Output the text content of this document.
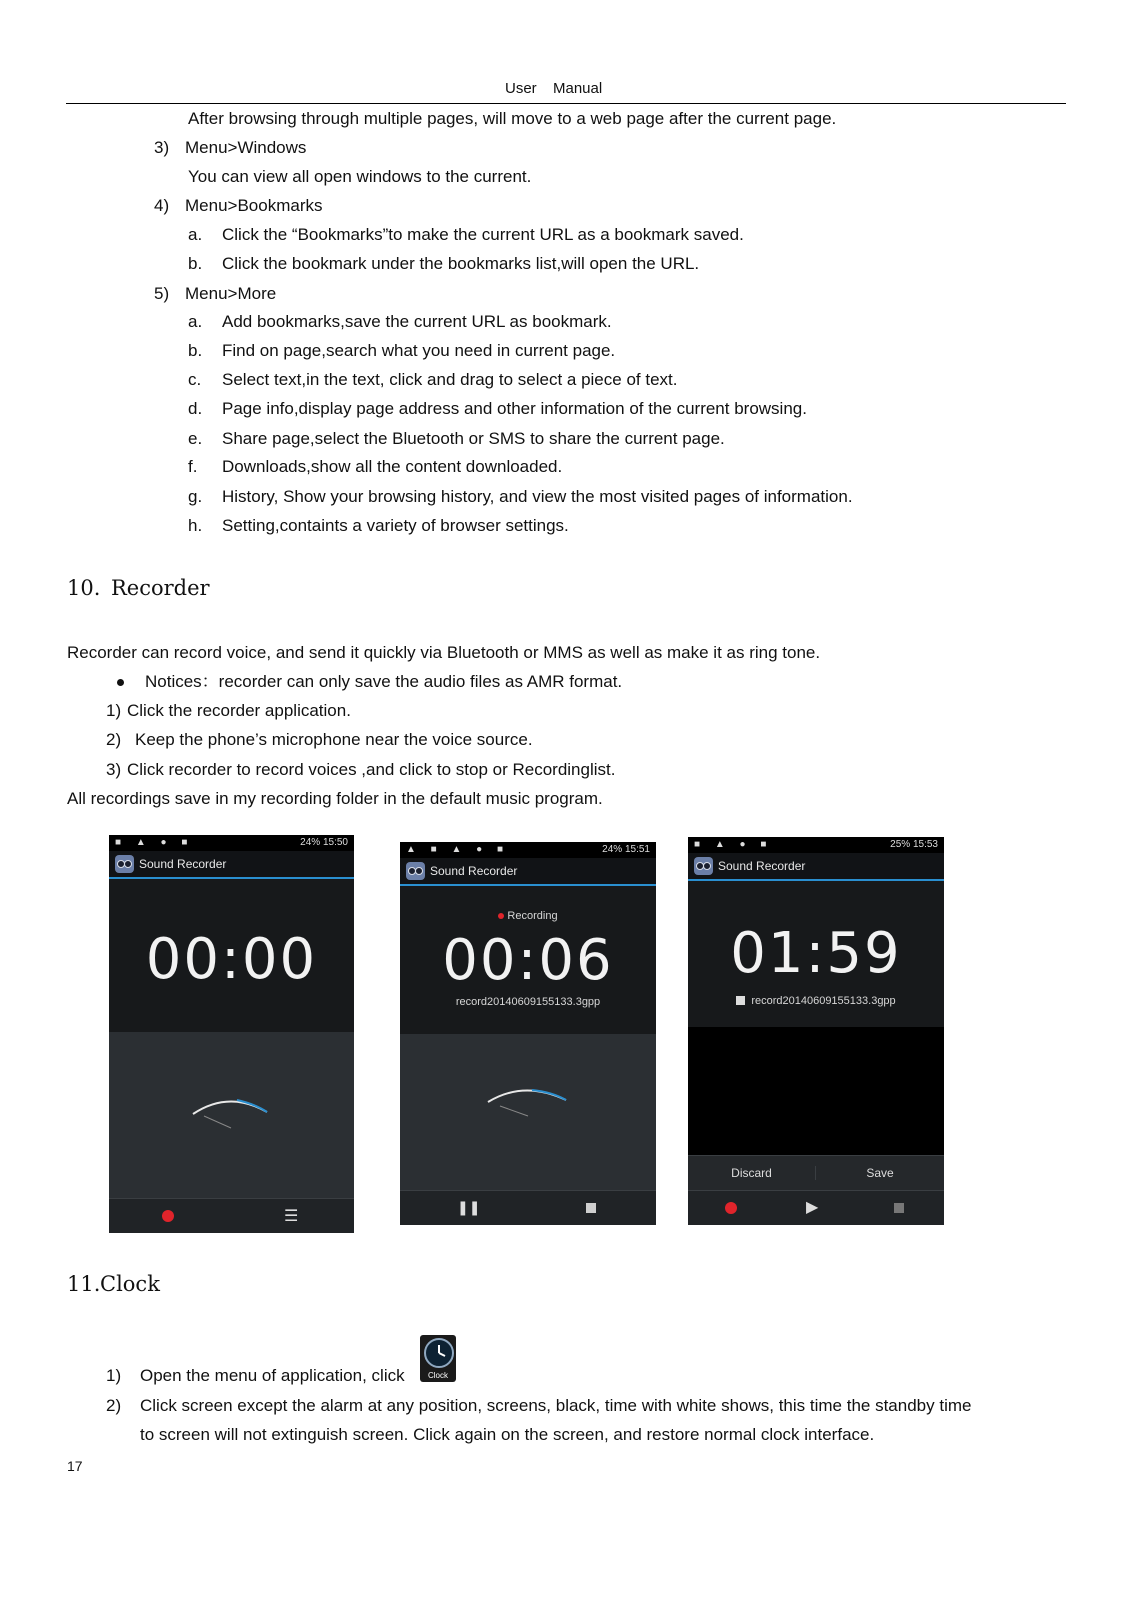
User Manual
After browsing through multiple pages, will move to a web page after the current page.
3) Menu>Windows
You can view all open windows to the current.
4) Menu>Bookmarks
a. Click the “Bookmarks”to make the current URL as a bookmark saved.
b. Click the bookmark under the bookmarks list,will open the URL.
5) Menu>More
a. Add bookmarks,save the current URL as bookmark.
b. Find on page,search what you need in current page.
c. Select text,in the text, click and drag to select a piece of text.
d. Page info,display page address and other information of the current browsing.
e. Share page,select the Bluetooth or SMS to share the current page.
f. Downloads,show all the content downloaded.
g. History, Show your browsing history, and view the most visited pages of information.
h. Setting,containts a variety of browser settings.
10. Recorder
Recorder can record voice, and send it quickly via Bluetooth or MMS as well as make it as ring tone.
Notices：recorder can only save the audio files as AMR format.
1) Click the recorder application.
2) Keep the phone’s microphone near the voice source.
3) Click recorder to record voices ,and click to stop or Recordinglist.
All recordings save in my recording folder in the default music program.
■ ▲ ● ■	24% 15:50
Sound Recorder
00:00
☰
▲ ■ ▲ ● ■	24% 15:51
Sound Recorder
Recording
00:06
record20140609155133.3gpp
❚❚
■ ▲ ● ■	25% 15:53
Sound Recorder
01:59
record20140609155133.3gpp
Discard	Save
▶
11. Clock
1) Open the menu of application, click	Clock
2) Click screen except the alarm at any position, screens, black, time with white shows, this time the standby time
to screen will not extinguish screen. Click again on the screen, and restore normal clock interface.
17
